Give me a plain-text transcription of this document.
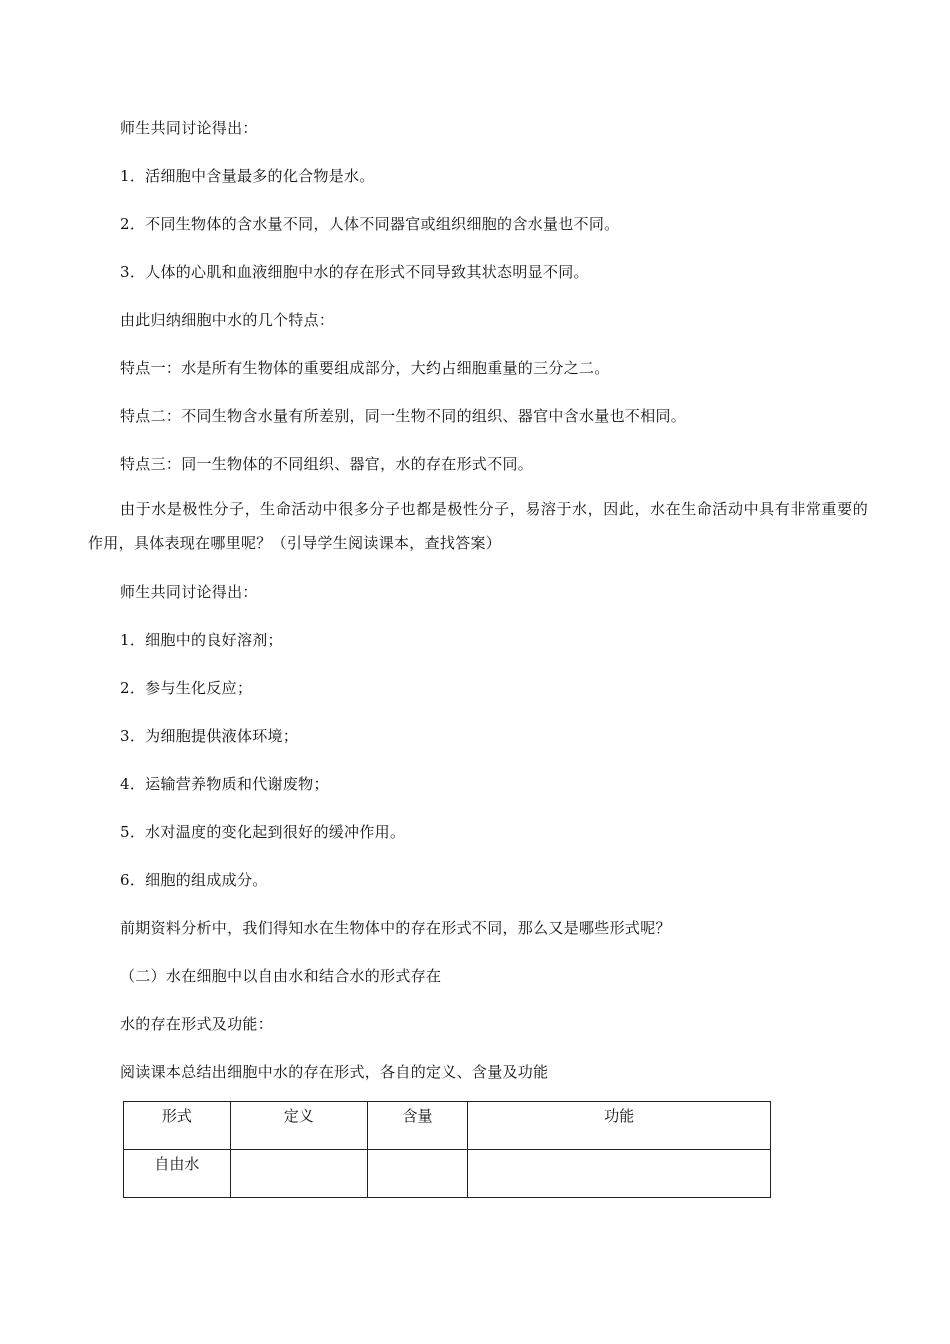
师生共同讨论得出：
1．活细胞中含量最多的化合物是水。
2．不同生物体的含水量不同，人体不同器官或组织细胞的含水量也不同。
3．人体的心肌和血液细胞中水的存在形式不同导致其状态明显不同。
由此归纳细胞中水的几个特点：
特点一：水是所有生物体的重要组成部分，大约占细胞重量的三分之二。
特点二：不同生物含水量有所差别，同一生物不同的组织、器官中含水量也不相同。
特点三：同一生物体的不同组织、器官，水的存在形式不同。
由于水是极性分子，生命活动中很多分子也都是极性分子，易溶于水，因此，水在生命活动中具有非常重要的作用，具体表现在哪里呢？（引导学生阅读课本，查找答案）
师生共同讨论得出：
1．细胞中的良好溶剂；
2．参与生化反应；
3．为细胞提供液体环境；
4．运输营养物质和代谢废物；
5．水对温度的变化起到很好的缓冲作用。
6．细胞的组成成分。
前期资料分析中，我们得知水在生物体中的存在形式不同，那么又是哪些形式呢？
（二）水在细胞中以自由水和结合水的形式存在
水的存在形式及功能：
阅读课本总结出细胞中水的存在形式，各自的定义、含量及功能
形式	定义	含量	功能
自由水			
